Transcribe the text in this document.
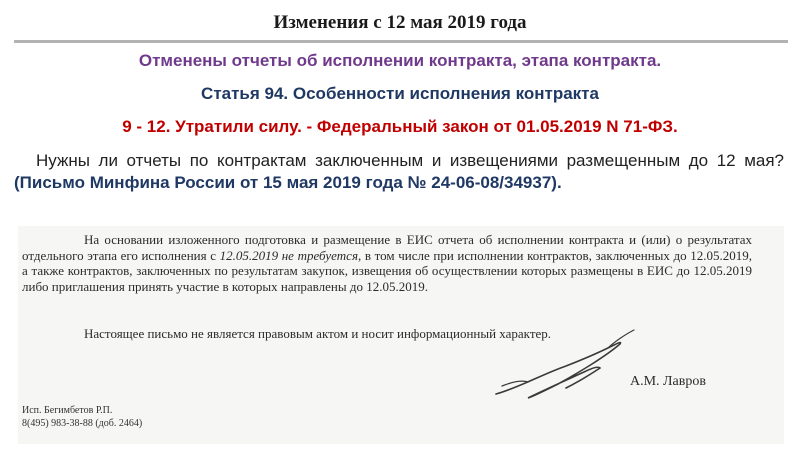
Изменения с 12 мая 2019 года

Отменены отчеты об исполнении контракта, этапа контракта.

Статья 94. Особенности исполнения контракта

9 - 12. Утратили силу. - Федеральный закон от 01.05.2019 N 71-ФЗ.

Нужны ли отчеты по контрактам заключенным и извещениями размещенным до 12 мая? (Письмо Минфина России от 15 мая 2019 года № 24-06-08/34937).

На основании изложенного подготовка и размещение в ЕИС отчета об исполнении контракта и (или) о результатах отдельного этапа его исполнения с 12.05.2019 не требуется, в том числе при исполнении контрактов, заключенных до 12.05.2019, а также контрактов, заключенных по результатам закупок, извещения об осуществлении которых размещены в ЕИС до 12.05.2019 либо приглашения принять участие в которых направлены до 12.05.2019.

Настоящее письмо не является правовым актом и носит информационный характер.

А.М. Лавров
Исп. Бегимбетов Р.П.
8(495) 983-38-88 (доб. 2464)
